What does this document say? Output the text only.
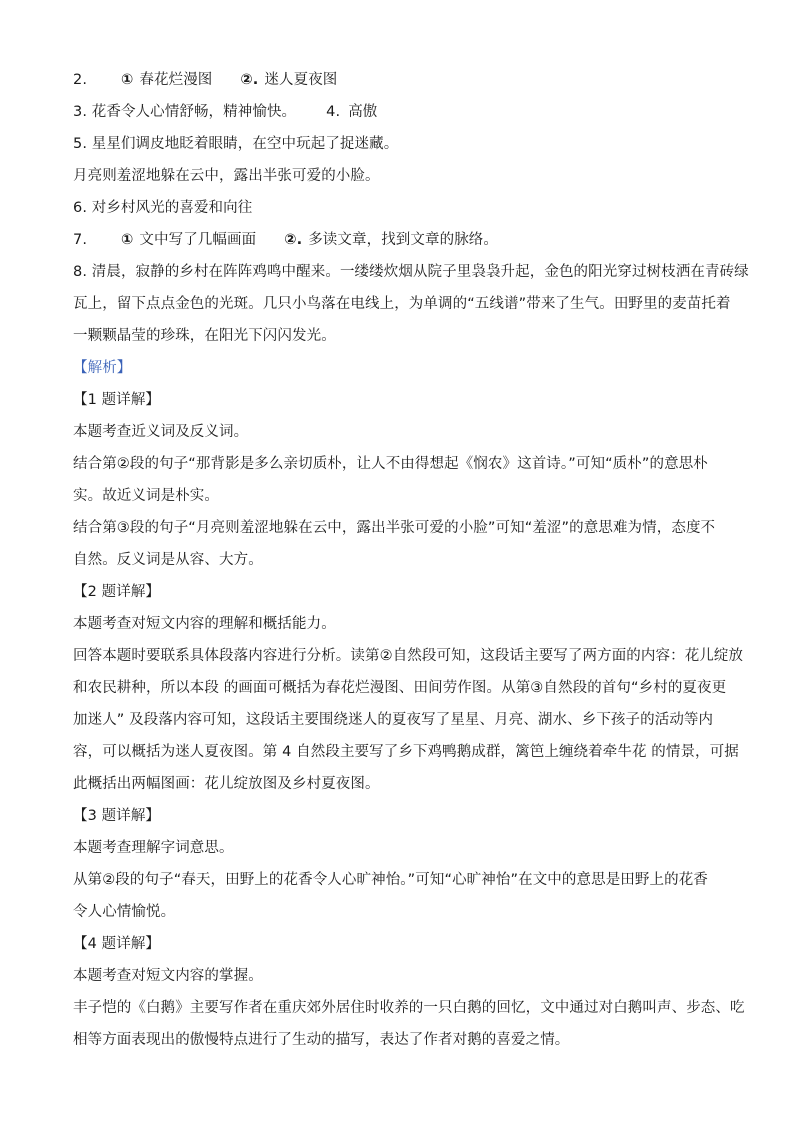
2. ① 春花烂漫图 ②. 迷人夏夜图
3. 花香令人心情舒畅，精神愉快。 4. 高傲
5. 星星们调皮地眨着眼睛，在空中玩起了捉迷藏。
月亮则羞涩地躲在云中，露出半张可爱的小脸。
6. 对乡村风光的喜爱和向往
7. ① 文中写了几幅画面 ②. 多读文章，找到文章的脉络。
8. 清晨，寂静的乡村在阵阵鸡鸣中醒来。一缕缕炊烟从院子里袅袅升起，金色的阳光穿过树枝洒在青砖绿
瓦上，留下点点金色的光斑。几只小鸟落在电线上，为单调的“五线谱”带来了生气。田野里的麦苗托着
一颗颗晶莹的珍珠，在阳光下闪闪发光。
【解析】
【1 题详解】
本题考查近义词及反义词。
结合第②段的句子“那背影是多么亲切质朴，让人不由得想起《悯农》这首诗。”可知“质朴”的意思朴
实。故近义词是朴实。
结合第③段的句子“月亮则羞涩地躲在云中，露出半张可爱的小脸”可知“羞涩”的意思难为情，态度不
自然。反义词是从容、大方。
【2 题详解】
本题考查对短文内容的理解和概括能力。
回答本题时要联系具体段落内容进行分析。读第②自然段可知，这段话主要写了两方面的内容：花儿绽放
和农民耕种，所以本段 的画面可概括为春花烂漫图、田间劳作图。从第③自然段的首句“乡村的夏夜更
加迷人” 及段落内容可知，这段话主要围绕迷人的夏夜写了星星、月亮、湖水、乡下孩子的活动等内
容，可以概括为迷人夏夜图。第 4 自然段主要写了乡下鸡鸭鹅成群，篱笆上缠绕着牵牛花 的情景，可据
此概括出两幅图画：花儿绽放图及乡村夏夜图。
【3 题详解】
本题考查理解字词意思。
从第②段的句子“春天，田野上的花香令人心旷神怡。”可知“心旷神怡”在文中的意思是田野上的花香
令人心情愉悦。
【4 题详解】
本题考查对短文内容的掌握。
丰子恺的《白鹅》主要写作者在重庆郊外居住时收养的一只白鹅的回忆，文中通过对白鹅叫声、步态、吃
相等方面表现出的傲慢特点进行了生动的描写，表达了作者对鹅的喜爱之情。
